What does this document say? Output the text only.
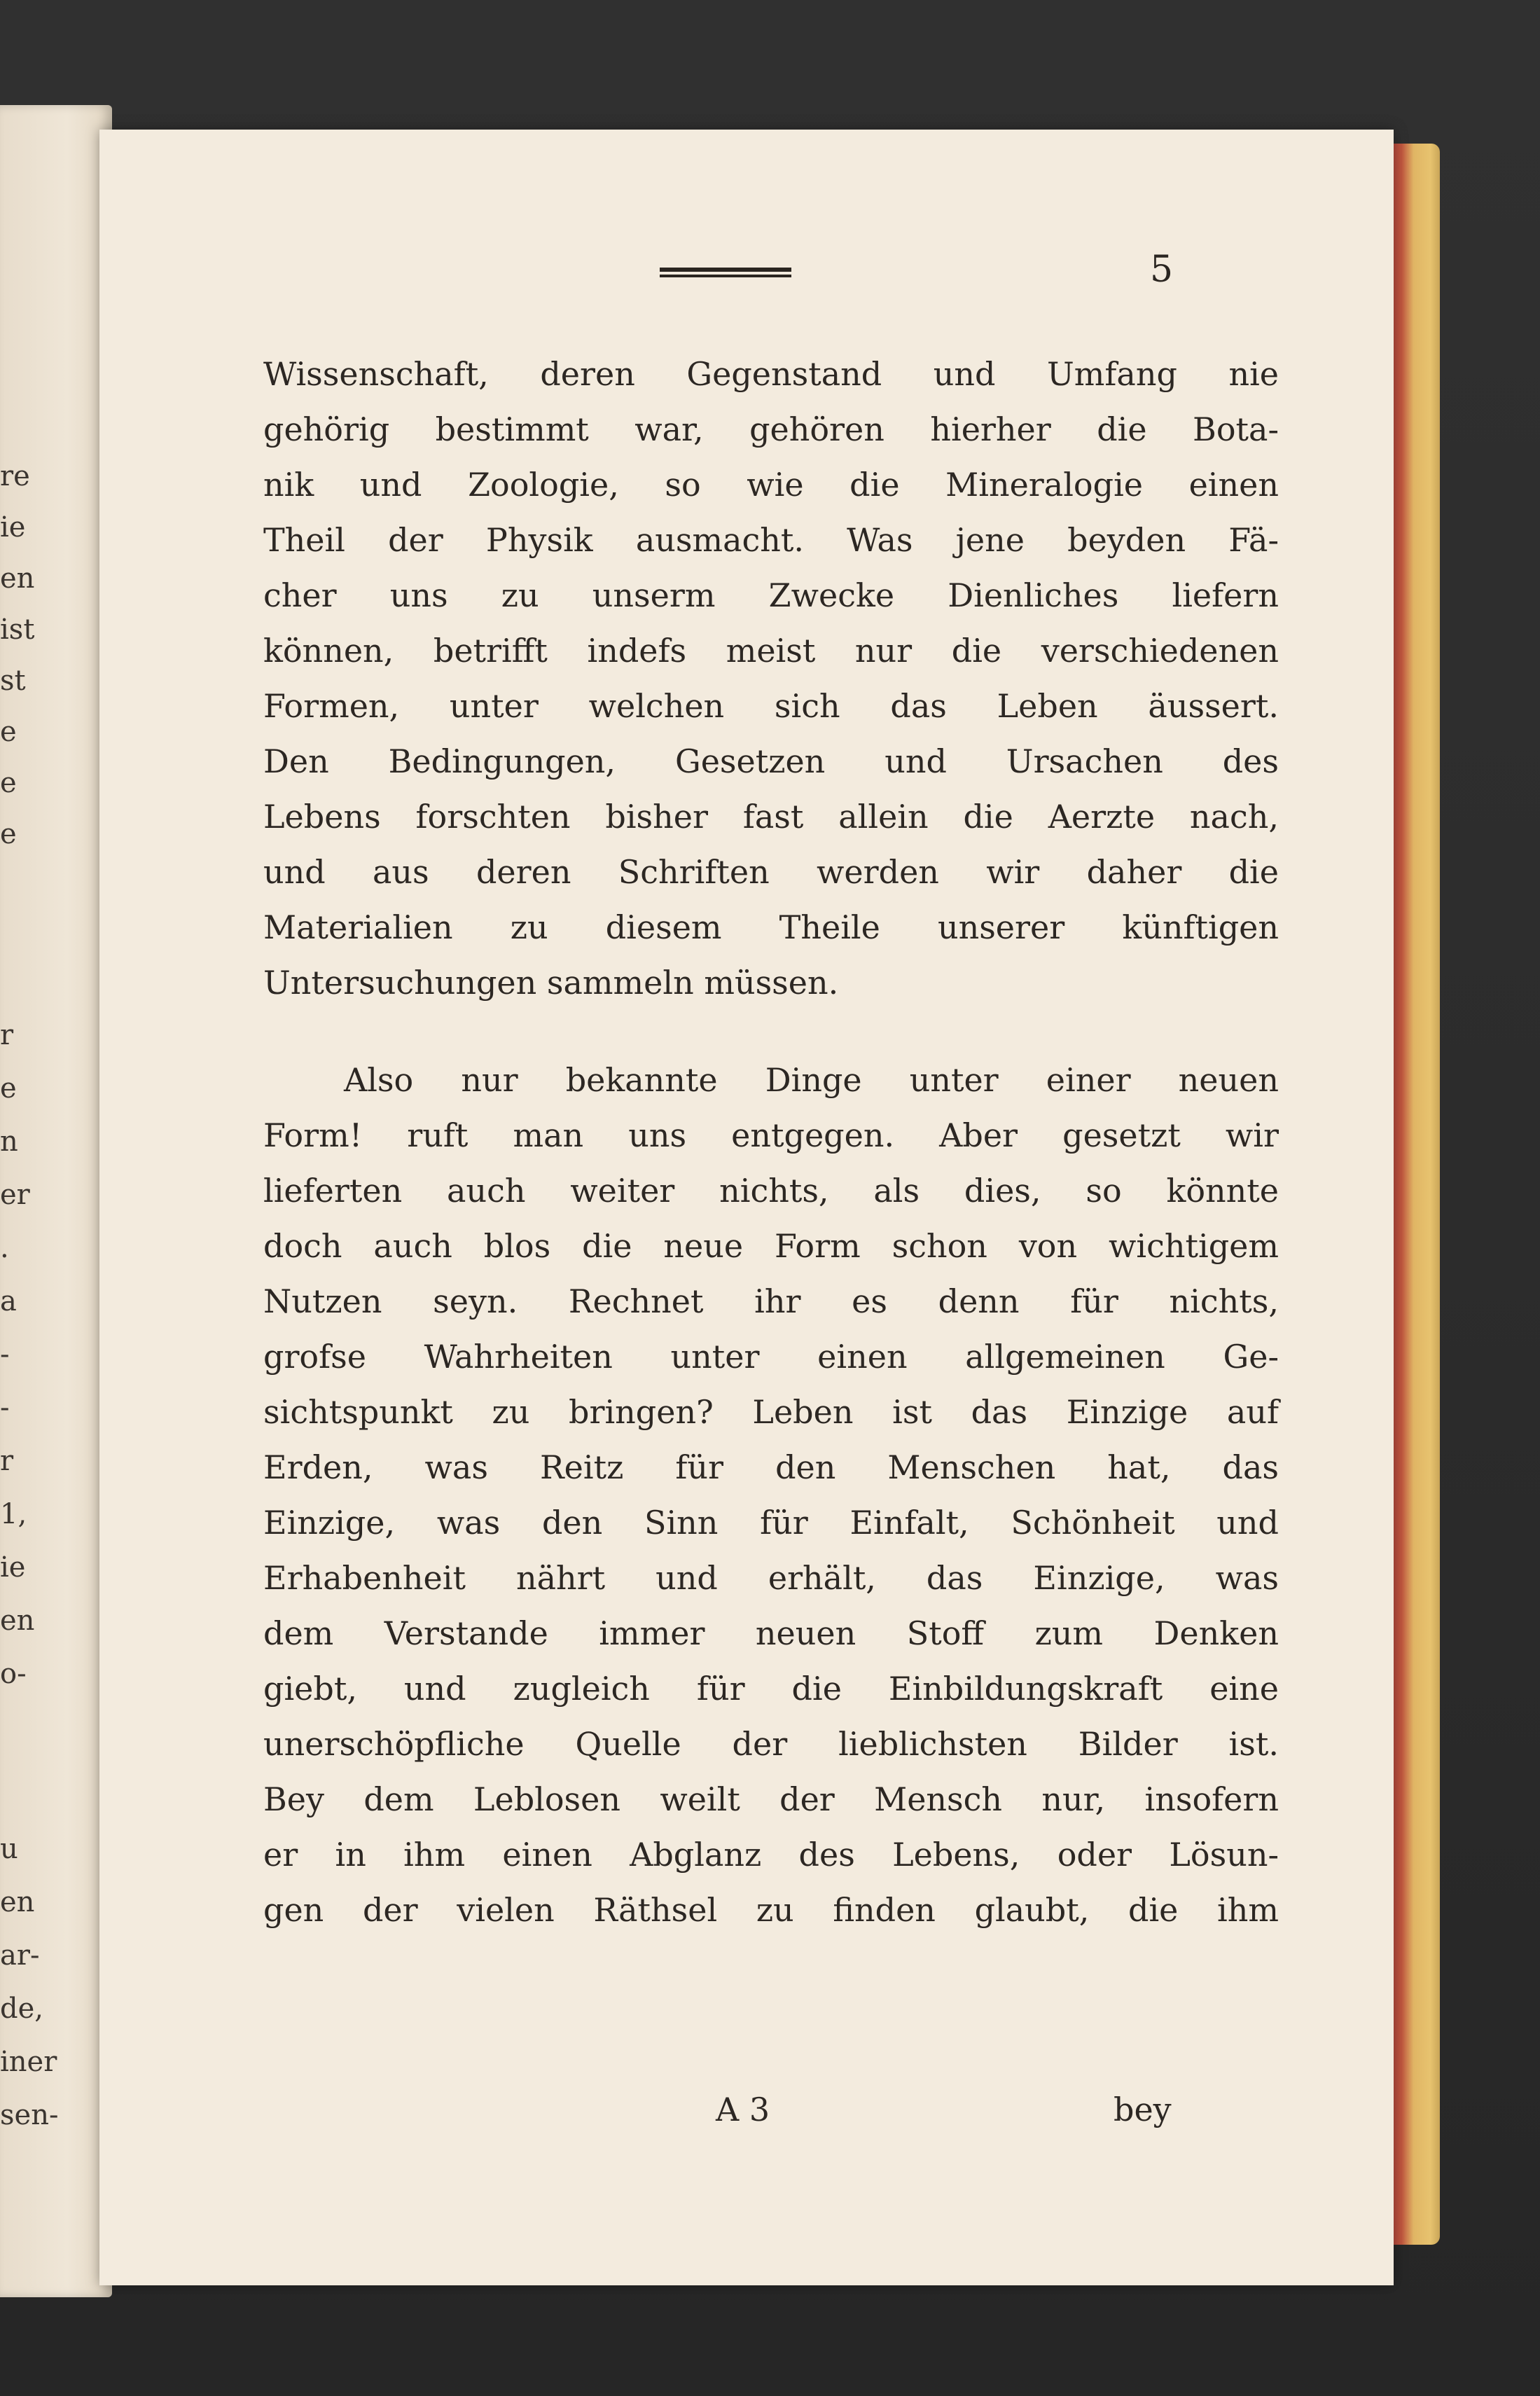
re
ie
en
ist
st
e
e
e
r
e
n
er
.
a
-
-
r
1,
ie
en
o-
u
en
ar-
de,
iner
sen-
5

Wissenschaft, deren Gegenstand und Umfang nie
gehörig bestimmt war, gehören hierher die Bota-
nik und Zoologie, so wie die Mineralogie einen
Theil der Physik ausmacht. Was jene beyden Fä-
cher uns zu unserm Zwecke Dienliches liefern
können, betrifft indefs meist nur die verschiedenen
Formen, unter welchen sich das Leben äussert.
Den Bedingungen, Gesetzen und Ursachen des
Lebens forschten bisher fast allein die Aerzte nach,
und aus deren Schriften werden wir daher die
Materialien zu diesem Theile unserer künftigen
Untersuchungen sammeln müssen.

Also nur bekannte Dinge unter einer neuen
Form! ruft man uns entgegen. Aber gesetzt wir
lieferten auch weiter nichts, als dies, so könnte
doch auch blos die neue Form schon von wichtigem
Nutzen seyn. Rechnet ihr es denn für nichts,
grofse Wahrheiten unter einen allgemeinen Ge-
sichtspunkt zu bringen? Leben ist das Einzige auf
Erden, was Reitz für den Menschen hat, das
Einzige, was den Sinn für Einfalt, Schönheit und
Erhabenheit nährt und erhält, das Einzige, was
dem Verstande immer neuen Stoff zum Denken
giebt, und zugleich für die Einbildungskraft eine
unerschöpfliche Quelle der lieblichsten Bilder ist.
Bey dem Leblosen weilt der Mensch nur, insofern
er in ihm einen Abglanz des Lebens, oder Lösun-
gen der vielen Räthsel zu finden glaubt, die ihm

A 3	bey
